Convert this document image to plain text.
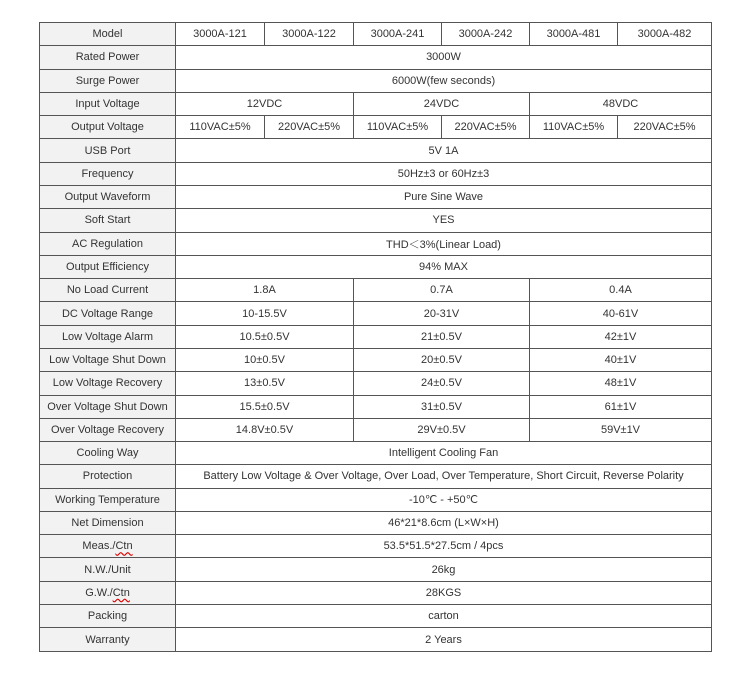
Model	3000A-121	3000A-122	3000A-241	3000A-242	3000A-481	3000A-482
Rated Power	3000W					
Surge Power	6000W(few seconds)					
Input Voltage	12VDC		24VDC		48VDC	
Output Voltage	110VAC±5%	220VAC±5%	110VAC±5%	220VAC±5%	110VAC±5%	220VAC±5%
USB Port	5V 1A					
Frequency	50Hz±3 or 60Hz±3					
Output Waveform	Pure Sine Wave					
Soft Start	YES					
AC Regulation	THD＜3%(Linear Load)					
Output Efficiency	94% MAX					
No Load Current	1.8A		0.7A		0.4A	
DC Voltage Range	10-15.5V		20-31V		40-61V	
Low Voltage Alarm	10.5±0.5V		21±0.5V		42±1V	
Low Voltage Shut Down	10±0.5V		20±0.5V		40±1V	
Low Voltage Recovery	13±0.5V		24±0.5V		48±1V	
Over Voltage Shut Down	15.5±0.5V		31±0.5V		61±1V	
Over Voltage Recovery	14.8V±0.5V		29V±0.5V		59V±1V	
Cooling Way	Intelligent Cooling Fan					
Protection	Battery Low Voltage & Over Voltage, Over Load, Over Temperature, Short Circuit, Reverse Polarity					
Working Temperature	-10℃ - +50℃					
Net Dimension	46*21*8.6cm (L×W×H)					
Meas./Ctn	53.5*51.5*27.5cm / 4pcs					
N.W./Unit	26kg					
G.W./Ctn	28KGS					
Packing	carton					
Warranty	2 Years					
